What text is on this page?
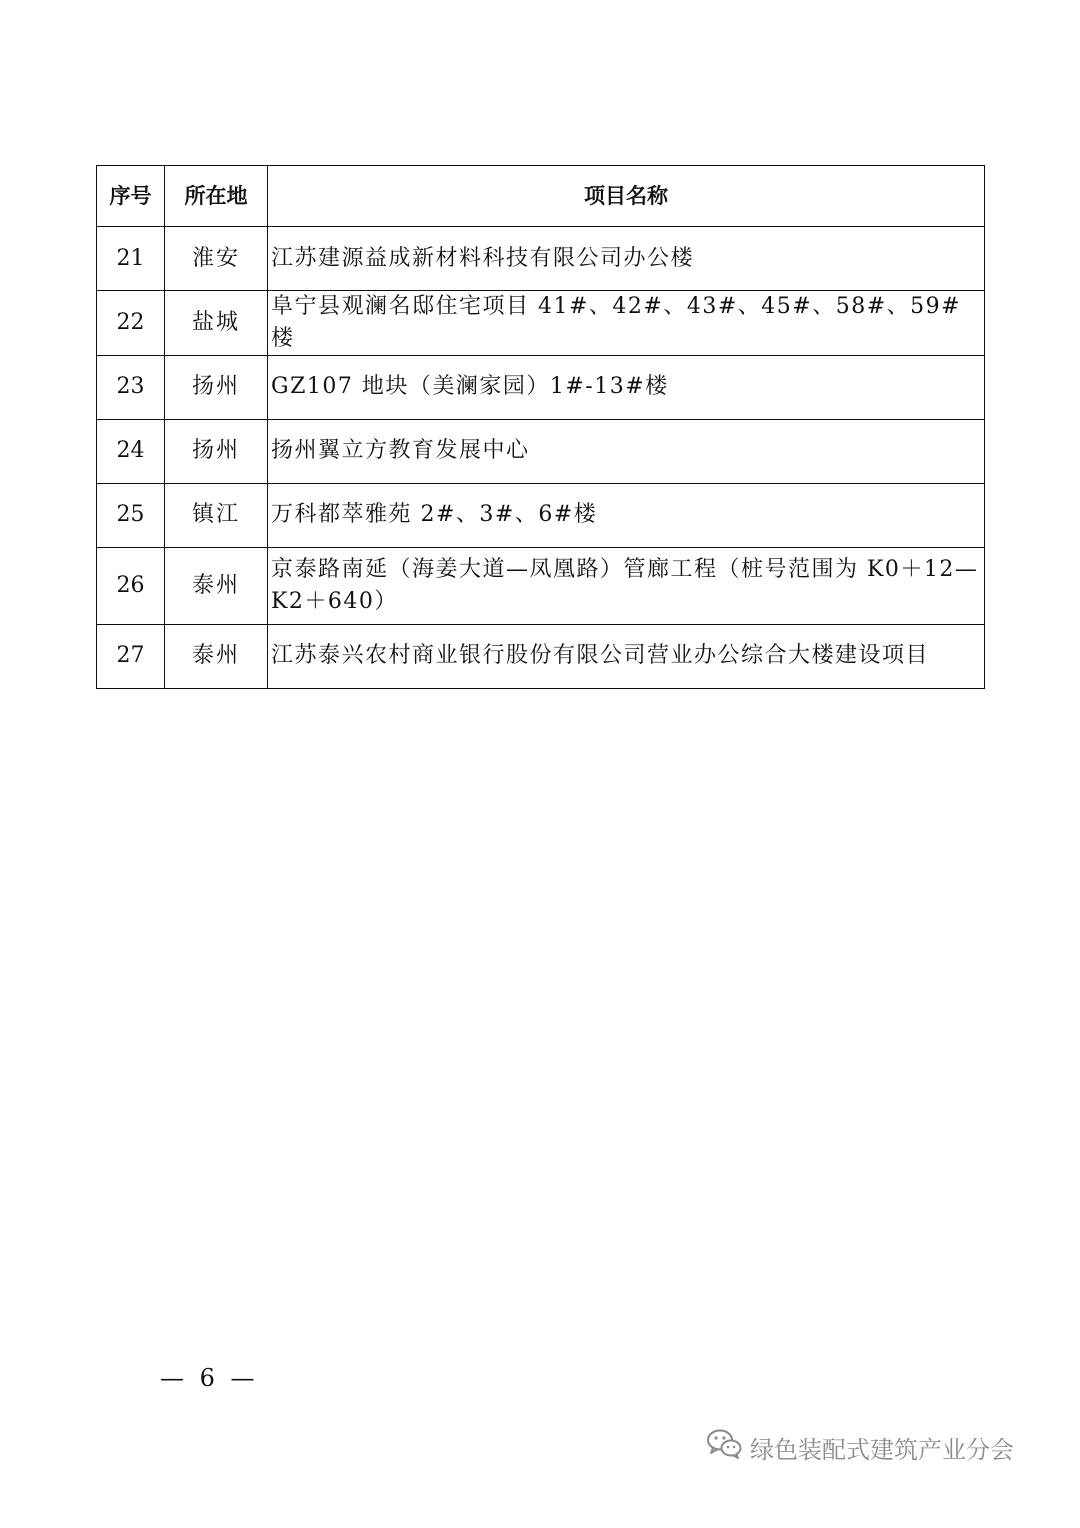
序号	所在地	项目名称
21	淮安	江苏建源益成新材料科技有限公司办公楼
22	盐城	阜宁县观澜名邸住宅项目 41#、42#、43#、45#、58#、59#楼
23	扬州	GZ107 地块（美澜家园）1#-13#楼
24	扬州	扬州翼立方教育发展中心
25	镇江	万科都萃雅苑 2#、3#、6#楼
26	泰州	京泰路南延（海姜大道—凤凰路）管廊工程（桩号范围为 K0＋12—K2＋640）
27	泰州	江苏泰兴农村商业银行股份有限公司营业办公综合大楼建设项目
— 6 —
绿色装配式建筑产业分会
